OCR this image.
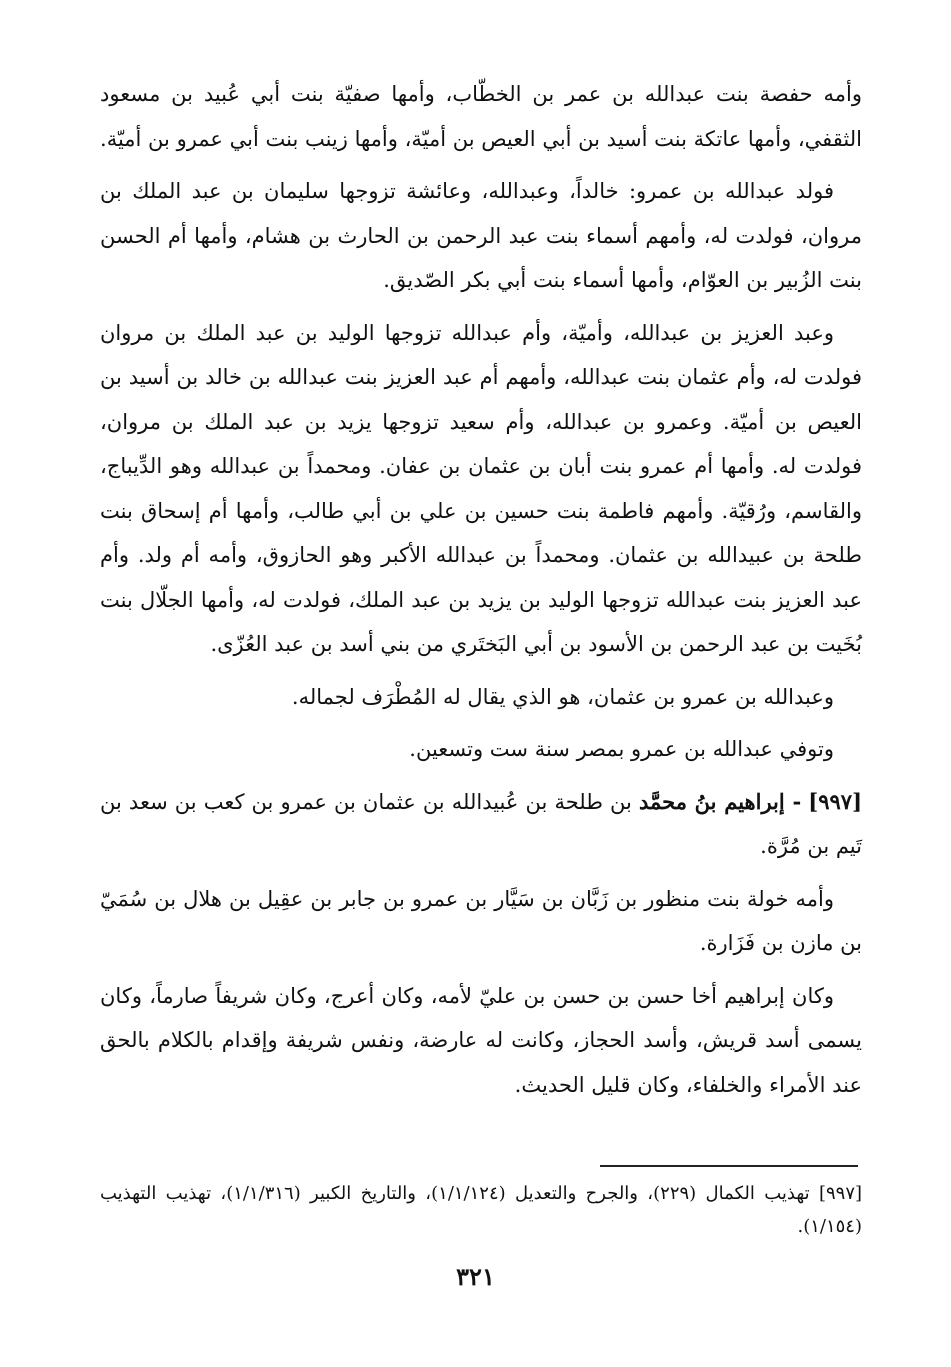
وأمه حفصة بنت عبدالله بن عمر بن الخطّاب، وأمها صفيّة بنت أبي عُبيد بن مسعود الثقفي، وأمها عاتكة بنت أسيد بن أبي العيص بن أميّة، وأمها زينب بنت أبي عمرو بن أميّة.

فولد عبدالله بن عمرو: خالداً، وعبدالله، وعائشة تزوجها سليمان بن عبد الملك بن مروان، فولدت له، وأمهم أسماء بنت عبد الرحمن بن الحارث بن هشام، وأمها أم الحسن بنت الزُبير بن العوّام، وأمها أسماء بنت أبي بكر الصّديق.

وعبد العزيز بن عبدالله، وأميّة، وأم عبدالله تزوجها الوليد بن عبد الملك بن مروان فولدت له، وأم عثمان بنت عبدالله، وأمهم أم عبد العزيز بنت عبدالله بن خالد بن أسيد بن العيص بن أميّة. وعمرو بن عبدالله، وأم سعيد تزوجها يزيد بن عبد الملك بن مروان، فولدت له. وأمها أم عمرو بنت أبان بن عثمان بن عفان. ومحمداً بن عبدالله وهو الدِّيباج، والقاسم، ورُقيّة. وأمهم فاطمة بنت حسين بن علي بن أبي طالب، وأمها أم إسحاق بنت طلحة بن عبيدالله بن عثمان. ومحمداً بن عبدالله الأكبر وهو الحازوق، وأمه أم ولد. وأم عبد العزيز بنت عبدالله تزوجها الوليد بن يزيد بن عبد الملك، فولدت له، وأمها الجلّال بنت بُخَيت بن عبد الرحمن بن الأسود بن أبي البَختَري من بني أسد بن عبد العُزّى.

وعبدالله بن عمرو بن عثمان، هو الذي يقال له المُطْرَف لجماله.

وتوفي عبدالله بن عمرو بمصر سنة ست وتسعين.

[٩٩٧] - إبراهيم بنُ محمَّد بن طلحة بن عُبيدالله بن عثمان بن عمرو بن كعب بن سعد بن تَيم بن مُرَّة.

وأمه خولة بنت منظور بن زَبَّان بن سَيَّار بن عمرو بن جابر بن عقِيل بن هلال بن سُمَيّ بن مازن بن فَزَارة.

وكان إبراهيم أخا حسن بن حسن بن عليّ لأمه، وكان أعرج، وكان شريفاً صارماً، وكان يسمى أسد قريش، وأسد الحجاز، وكانت له عارضة، ونفس شريفة وإقدام بالكلام بالحق عند الأمراء والخلفاء، وكان قليل الحديث.

[٩٩٧] تهذيب الكمال (٢٢٩)، والجرح والتعديل (١/١/١٢٤)، والتاريخ الكبير (١/١/٣١٦)، تهذيب التهذيب (١/١٥٤).
٣٢١
